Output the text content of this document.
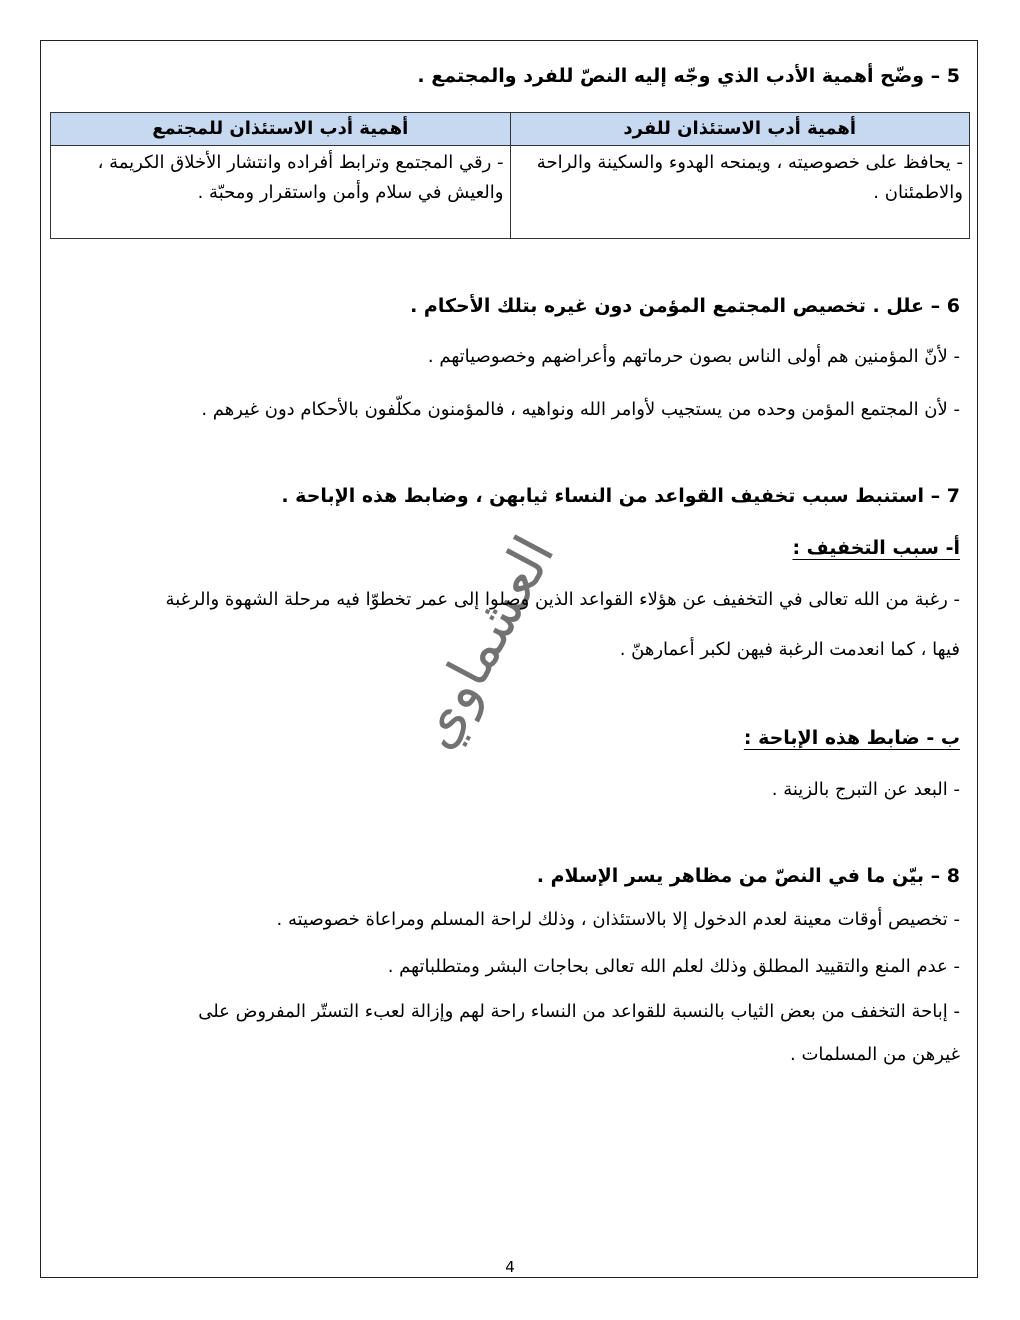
5 – وضّح أهمية الأدب الذي وجّه إليه النصّ للفرد والمجتمع .
أهمية أدب الاستئذان للفرد	أهمية أدب الاستئذان للمجتمع
- يحافظ على خصوصيته ، ويمنحه الهدوء والسكينة والراحة والاطمئنان .	- رقي المجتمع وترابط أفراده وانتشار الأخلاق الكريمة ، والعيش في سلام وأمن واستقرار ومحبّة .
6 – علل . تخصيص المجتمع المؤمن دون غيره بتلك الأحكام .
- لأنّ المؤمنين هم أولى الناس بصون حرماتهم وأعراضهم وخصوصياتهم .
- لأن المجتمع المؤمن وحده من يستجيب لأوامر الله ونواهيه ، فالمؤمنون مكلّفون بالأحكام دون غيرهم .
7 – استنبط سبب تخفيف القواعد من النساء ثيابهن ، وضابط هذه الإباحة .
أ- سبب التخفيف :
- رغبة من الله تعالى في التخفيف عن هؤلاء القواعد الذين وصلوا إلى عمر تخطوّا فيه مرحلة الشهوة والرغبة
فيها ، كما انعدمت الرغبة فيهن لكبر أعمارهنّ .
ب - ضابط هذه الإباحة :
- البعد عن التبرج بالزينة .
8 – بيّن ما في النصّ من مظاهر يسر الإسلام .
- تخصيص أوقات معينة لعدم الدخول إلا بالاستئذان ، وذلك لراحة المسلم ومراعاة خصوصيته .
- عدم المنع والتقييد المطلق وذلك لعلم الله تعالى بحاجات البشر ومتطلباتهم .
- إباحة التخفف من بعض الثياب بالنسبة للقواعد من النساء راحة لهم وإزالة لعبء التستّر المفروض على
غيرهن من المسلمات .
العشماوي
4
